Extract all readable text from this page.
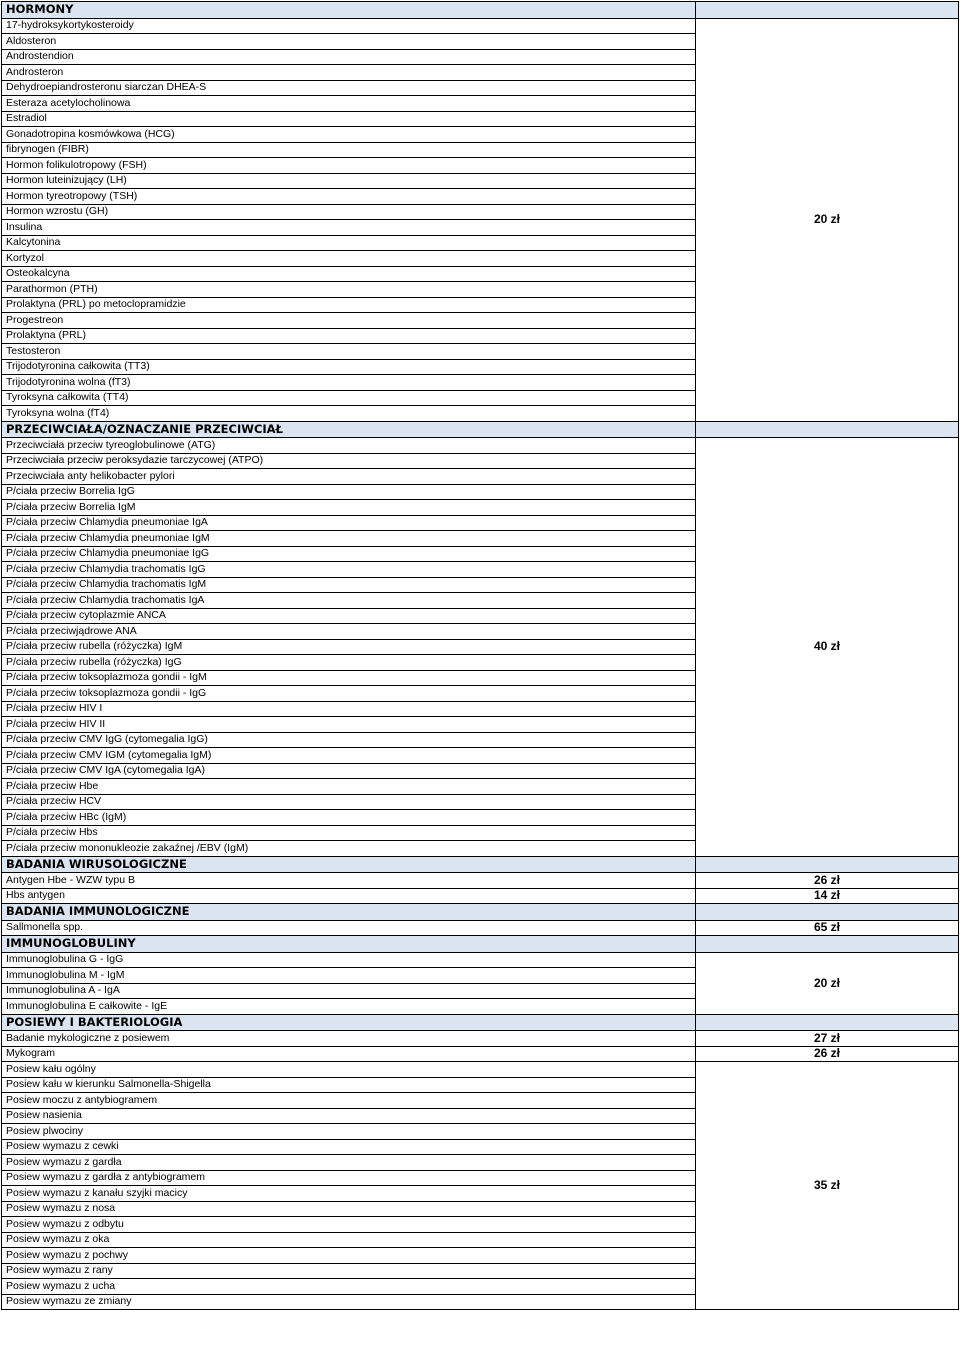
HORMONY	
17-hydroksykortykosteroidy	20 zł
Aldosteron	
Androstendion	
Androsteron	
Dehydroepiandrosteronu siarczan DHEA-S	
Esteraza acetylocholinowa	
Estradiol	
Gonadotropina kosmówkowa (HCG)	
fibrynogen (FIBR)	
Hormon folikulotropowy (FSH)	
Hormon luteinizujący (LH)	
Hormon tyreotropowy (TSH)	
Hormon wzrostu (GH)	
Insulina	
Kalcytonina	
Kortyzol	
Osteokalcyna	
Parathormon (PTH)	
Prolaktyna (PRL) po metoclopramidzie	
Progestreon	
Prolaktyna (PRL)	
Testosteron	
Trijodotyronina całkowita (TT3)	
Trijodotyronina wolna (fT3)	
Tyroksyna całkowita (TT4)	
Tyroksyna wolna (fT4)	
PRZECIWCIAŁA/OZNACZANIE PRZECIWCIAŁ	
Przeciwciała przeciw tyreoglobulinowe (ATG)	40 zł
Przeciwciała przeciw peroksydazie tarczycowej (ATPO)	
Przeciwciała anty helikobacter pylori	
P/ciała przeciw Borrelia IgG	
P/ciała przeciw Borrelia IgM	
P/ciała przeciw Chlamydia pneumoniae IgA	
P/ciała przeciw Chlamydia pneumoniae IgM	
P/ciała przeciw Chlamydia pneumoniae IgG	
P/ciała przeciw Chlamydia trachomatis IgG	
P/ciała przeciw Chlamydia trachomatis IgM	
P/ciała przeciw Chlamydia trachomatis IgA	
P/ciała przeciw cytoplazmie ANCA	
P/ciała przeciwjądrowe ANA	
P/ciała przeciw rubella (różyczka) IgM	
P/ciała przeciw rubella (różyczka) IgG	
P/ciała przeciw toksoplazmoza gondii - IgM	
P/ciała przeciw toksoplazmoza gondii - IgG	
P/ciała przeciw HIV I	
P/ciała przeciw HIV II	
P/ciała przeciw CMV IgG (cytomegalia IgG)	
P/ciała przeciw CMV IGM (cytomegalia IgM)	
P/ciała przeciw CMV IgA (cytomegalia IgA)	
P/ciała przeciw Hbe	
P/ciała przeciw HCV	
P/ciała przeciw HBc (IgM)	
P/ciała przeciw Hbs	
P/ciała przeciw mononukleozie zakaźnej /EBV (IgM)	
BADANIA WIRUSOLOGICZNE	
Antygen Hbe - WZW typu B	26 zł
Hbs antygen	14 zł
BADANIA IMMUNOLOGICZNE	
Sallmonella spp.	65 zł
IMMUNOGLOBULINY	
Immunoglobulina G - IgG	20 zł
Immunoglobulina M - IgM	
Immunoglobulina A - IgA	
Immunoglobulina E całkowite - IgE	
POSIEWY I BAKTERIOLOGIA	
Badanie mykologiczne z posiewem	27 zł
Mykogram	26 zł
Posiew kału ogólny	35 zł
Posiew kału w kierunku Salmonella-Shigella	
Posiew moczu z antybiogramem	
Posiew nasienia	
Posiew plwociny	
Posiew wymazu z cewki	
Posiew wymazu z gardła	
Posiew wymazu z gardła z antybiogramem	
Posiew wymazu z kanału szyjki macicy	
Posiew wymazu z nosa	
Posiew wymazu z odbytu	
Posiew wymazu z oka	
Posiew wymazu z pochwy	
Posiew wymazu z rany	
Posiew wymazu z ucha	
Posiew wymazu ze zmiany	
